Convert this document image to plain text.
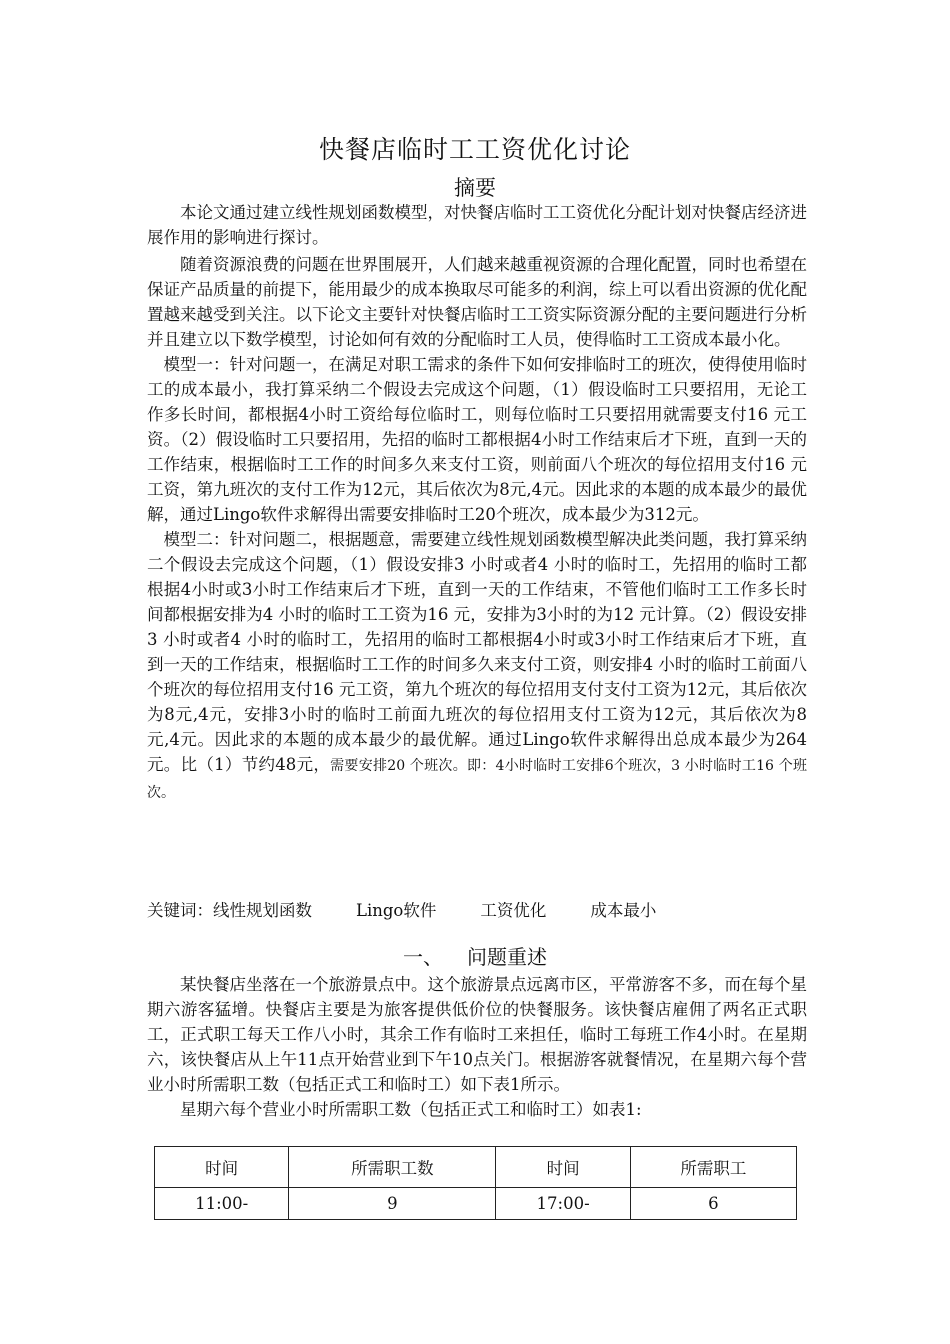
快餐店临时工工资优化讨论
摘要

本论文通过建立线性规划函数模型，对快餐店临时工工资优化分配计划对快餐店经济进展作用的影响进行探讨。

随着资源浪费的问题在世界围展开，人们越来越重视资源的合理化配置，同时也希望在保证产品质量的前提下，能用最少的成本换取尽可能多的利润，综上可以看出资源的优化配置越来越受到关注。以下论文主要针对快餐店临时工工资实际资源分配的主要问题进行分析并且建立以下数学模型，讨论如何有效的分配临时工人员，使得临时工工资成本最小化。

模型一：针对问题一，在满足对职工需求的条件下如何安排临时工的班次，使得使用临时工的成本最小，我打算采纳二个假设去完成这个问题，（1）假设临时工只要招用，无论工作多长时间，都根据4小时工资给每位临时工，则每位临时工只要招用就需要支付16 元工资。（2）假设临时工只要招用，先招的临时工都根据4小时工作结束后才下班，直到一天的工作结束，根据临时工工作的时间多久来支付工资，则前面八个班次的每位招用支付16 元工资，第九班次的支付工作为12元，其后依次为8元,4元。因此求的本题的成本最少的最优解，通过Lingo软件求解得出需要安排临时工20个班次，成本最少为312元。

模型二：针对问题二，根据题意，需要建立线性规划函数模型解决此类问题，我打算采纳二个假设去完成这个问题，（1）假设安排3 小时或者4 小时的临时工，先招用的临时工都根据4小时或3小时工作结束后才下班，直到一天的工作结束，不管他们临时工工作多长时间都根据安排为4 小时的临时工工资为16 元，安排为3小时的为12 元计算。（2）假设安排3 小时或者4 小时的临时工，先招用的临时工都根据4小时或3小时工作结束后才下班，直到一天的工作结束，根据临时工工作的时间多久来支付工资，则安排4 小时的临时工前面八个班次的每位招用支付16 元工资，第九个班次的每位招用支付支付工资为12元，其后依次为8元,4元，安排3小时的临时工前面九班次的每位招用支付工资为12元，其后依次为8元,4元。因此求的本题的成本最少的最优解。通过Lingo软件求解得出总成本最少为264元。比（1）节约48元，需要安排20 个班次。即：4小时临时工安排6个班次，3 小时临时工16 个班次。

关键词：线性规划函数	Lingo软件	工资优化	成本最小
一、 问题重述

某快餐店坐落在一个旅游景点中。这个旅游景点远离市区，平常游客不多，而在每个星期六游客猛增。快餐店主要是为旅客提供低价位的快餐服务。该快餐店雇佣了两名正式职工，正式职工每天工作八小时，其余工作有临时工来担任，临时工每班工作4小时。在星期六，该快餐店从上午11点开始营业到下午10点关门。根据游客就餐情况，在星期六每个营业小时所需职工数（包括正式工和临时工）如下表1所示。

星期六每个营业小时所需职工数（包括正式工和临时工）如表1:

时间	所需职工数	时间	所需职工
11:00-	9	17:00-	6
